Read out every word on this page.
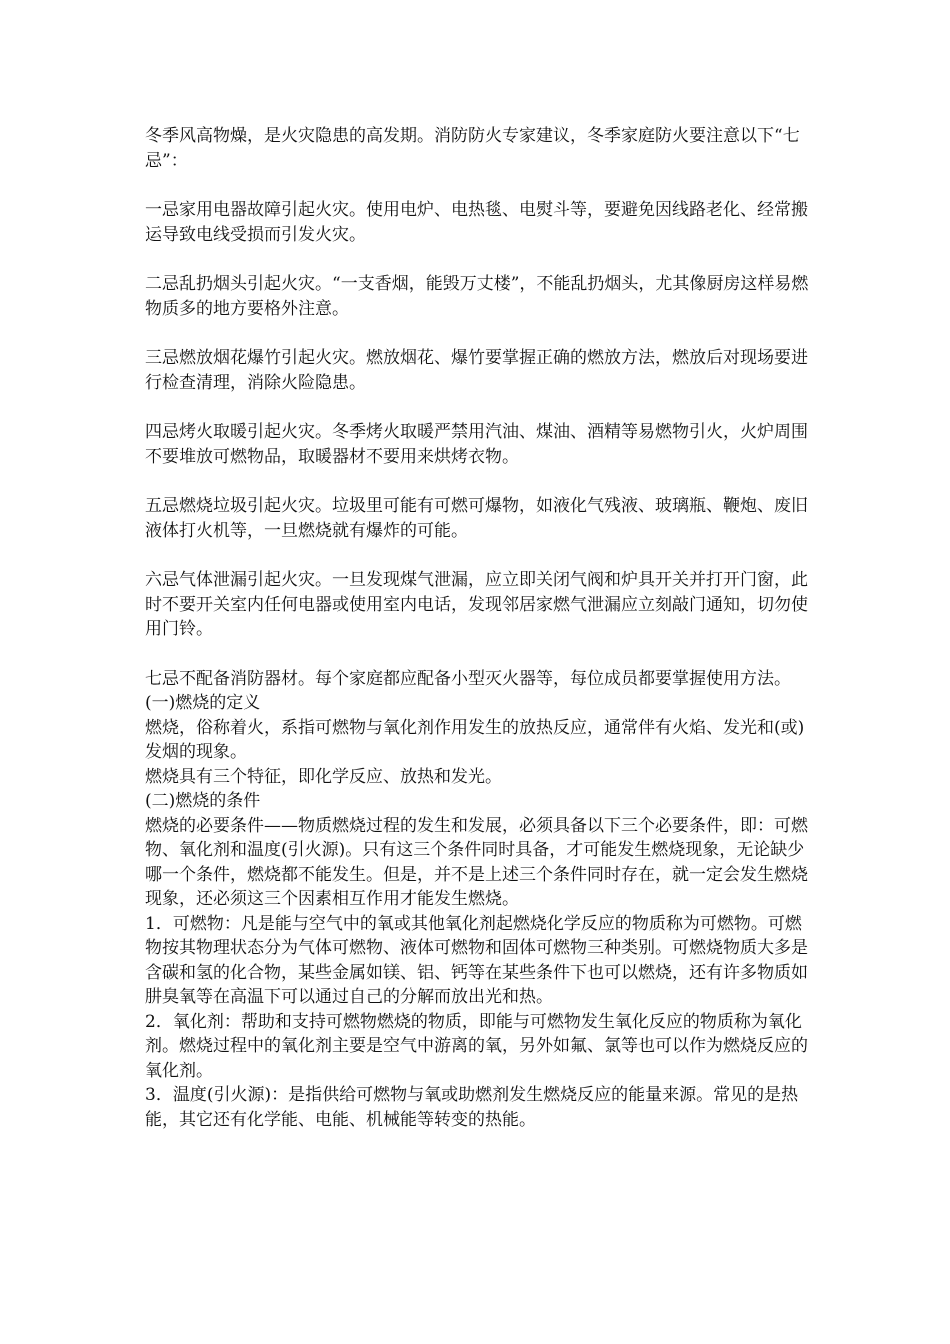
冬季风高物燥，是火灾隐患的高发期。消防防火专家建议，冬季家庭防火要注意以下“七忌”：

一忌家用电器故障引起火灾。使用电炉、电热毯、电熨斗等，要避免因线路老化、经常搬运导致电线受损而引发火灾。

二忌乱扔烟头引起火灾。“一支香烟，能毁万丈楼”，不能乱扔烟头，尤其像厨房这样易燃物质多的地方要格外注意。

三忌燃放烟花爆竹引起火灾。燃放烟花、爆竹要掌握正确的燃放方法，燃放后对现场要进行检查清理，消除火险隐患。

四忌烤火取暖引起火灾。冬季烤火取暖严禁用汽油、煤油、酒精等易燃物引火，火炉周围不要堆放可燃物品，取暖器材不要用来烘烤衣物。

五忌燃烧垃圾引起火灾。垃圾里可能有可燃可爆物，如液化气残液、玻璃瓶、鞭炮、废旧液体打火机等，一旦燃烧就有爆炸的可能。

六忌气体泄漏引起火灾。一旦发现煤气泄漏，应立即关闭气阀和炉具开关并打开门窗，此时不要开关室内任何电器或使用室内电话，发现邻居家燃气泄漏应立刻敲门通知，切勿使用门铃。

七忌不配备消防器材。每个家庭都应配备小型灭火器等，每位成员都要掌握使用方法。

(一)燃烧的定义

燃烧，俗称着火，系指可燃物与氧化剂作用发生的放热反应，通常伴有火焰、发光和(或)发烟的现象。

燃烧具有三个特征，即化学反应、放热和发光。

(二)燃烧的条件

燃烧的必要条件——物质燃烧过程的发生和发展，必须具备以下三个必要条件，即：可燃物、氧化剂和温度(引火源)。只有这三个条件同时具备，才可能发生燃烧现象，无论缺少哪一个条件，燃烧都不能发生。但是，并不是上述三个条件同时存在，就一定会发生燃烧现象，还必须这三个因素相互作用才能发生燃烧。

1．可燃物：凡是能与空气中的氧或其他氧化剂起燃烧化学反应的物质称为可燃物。可燃物按其物理状态分为气体可燃物、液体可燃物和固体可燃物三种类别。可燃烧物质大多是含碳和氢的化合物，某些金属如镁、铝、钙等在某些条件下也可以燃烧，还有许多物质如肼臭氧等在高温下可以通过自己的分解而放出光和热。

2．氧化剂：帮助和支持可燃物燃烧的物质，即能与可燃物发生氧化反应的物质称为氧化剂。燃烧过程中的氧化剂主要是空气中游离的氧，另外如氟、氯等也可以作为燃烧反应的氧化剂。

3．温度(引火源)：是指供给可燃物与氧或助燃剂发生燃烧反应的能量来源。常见的是热能，其它还有化学能、电能、机械能等转变的热能。
